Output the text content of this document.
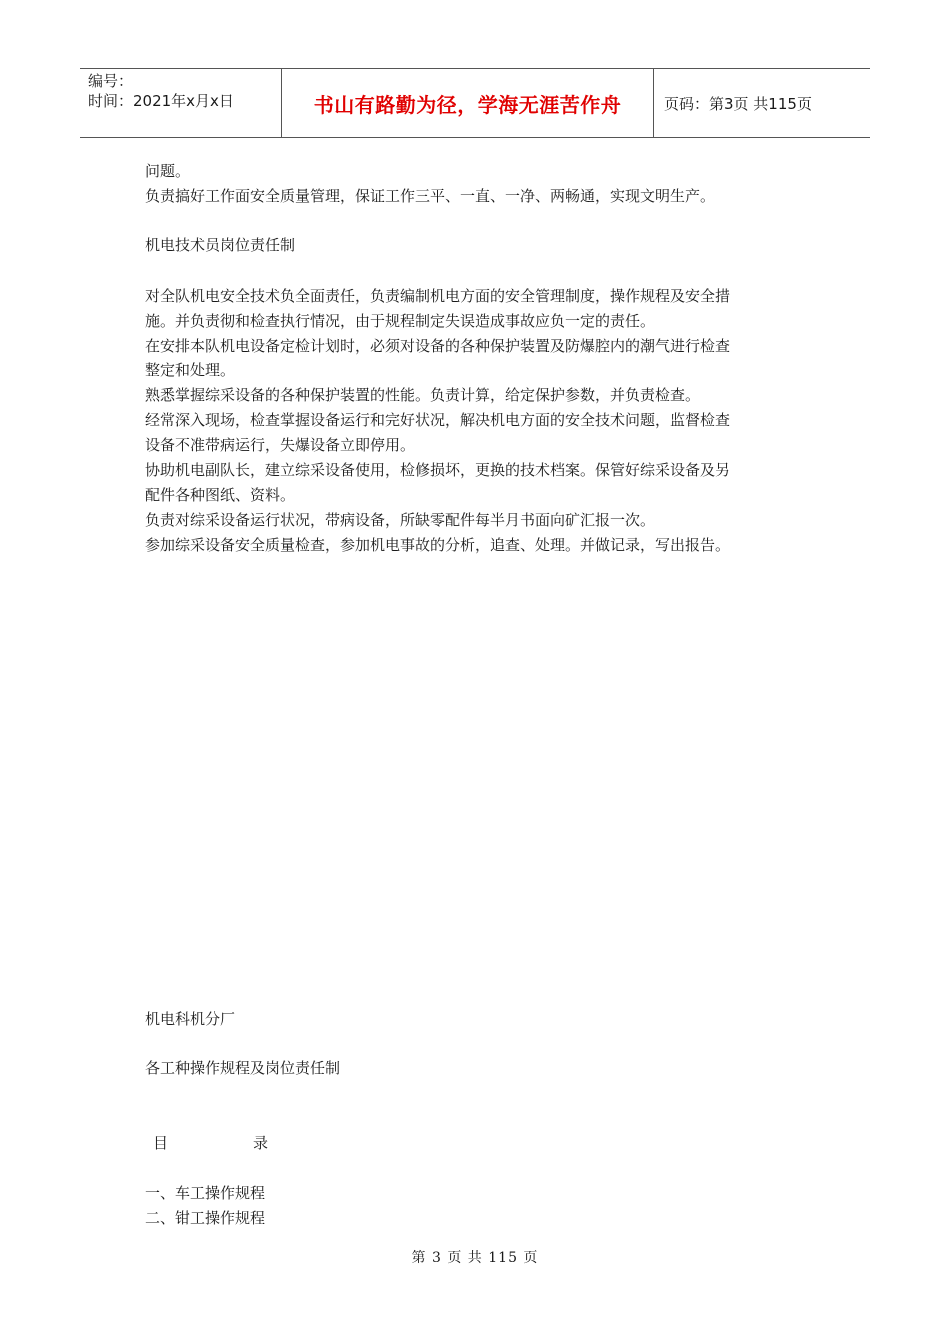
编号：
时间：2021年x月x日	书山有路勤为径，学海无涯苦作舟	页码：第3页 共115页
问题。
负责搞好工作面安全质量管理，保证工作三平、一直、一净、两畅通，实现文明生产。
机电技术员岗位责任制
对全队机电安全技术负全面责任，负责编制机电方面的安全管理制度，操作规程及安全措
施。并负责彻和检查执行情况，由于规程制定失误造成事故应负一定的责任。
在安排本队机电设备定检计划时，必须对设备的各种保护装置及防爆腔内的潮气进行检查
整定和处理。
熟悉掌握综采设备的各种保护装置的性能。负责计算，给定保护参数，并负责检查。
经常深入现场，检查掌握设备运行和完好状况，解决机电方面的安全技术问题，监督检查
设备不准带病运行，失爆设备立即停用。
协助机电副队长，建立综采设备使用，检修损坏，更换的技术档案。保管好综采设备及另
配件各种图纸、资料。
负责对综采设备运行状况，带病设备，所缺零配件每半月书面向矿汇报一次。
参加综采设备安全质量检查，参加机电事故的分析，追查、处理。并做记录，写出报告。
机电科机分厂
各工种操作规程及岗位责任制
目	录
一、车工操作规程
二、钳工操作规程
第 3 页 共 115 页
